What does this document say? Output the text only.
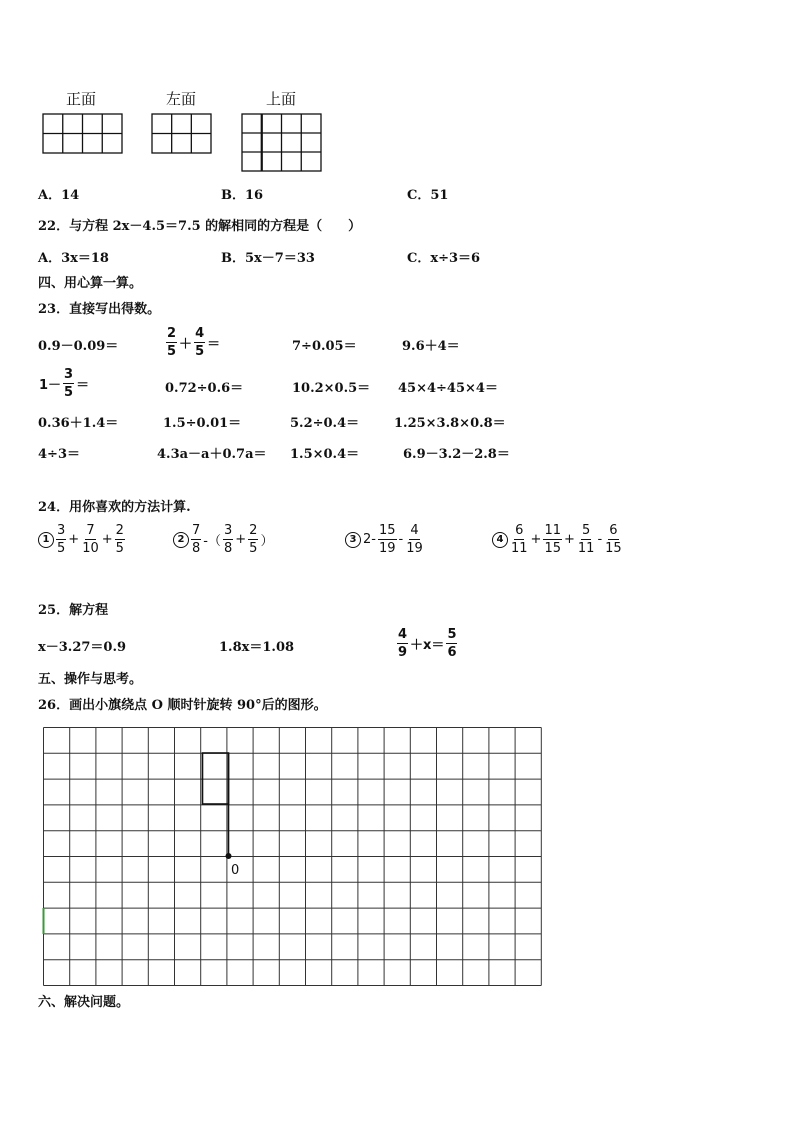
正面	左面	上面
A．14	B．16	C．51
22．与方程 2x－4.5＝7.5 的解相同的方程是（　　）
A．3x＝18	B．5x－7＝33	C．x÷3＝6
四、用心算一算。
23．直接写出得数。
0.9－0.09＝	$\frac{2}{5} + \frac{4}{5}$ ＝	7÷0.05＝	9.6＋4＝
$1- \frac{3}{5}$ ＝	0.72÷0.6＝	10.2×0.5＝ 45×4÷45×4＝
0.36＋1.4＝	1.5÷0.01＝	5.2÷0.4＝	1.25×3.8×0.8＝
4÷3＝	4.3a－a＋0.7a＝ 1.5×0.4＝	6.9－3.2－2.8＝
24．用你喜欢的方法计算.
$1 \frac{3}{5} + \frac{7}{10} + \frac{2}{5}$	$2 \frac{7}{8}$ -（ $\frac{3}{8} + \frac{2}{5}$ ）	3 $2- \frac{15}{19} - \frac{4}{19}$	$4 \frac{6}{11} + \frac{11}{15} + \frac{5}{11} - \frac{6}{15}$
25．解方程
x－3.27＝0.9	1.8x＝1.08	$\frac{4}{9} +x= \frac{5}{6}$
五、操作与思考。
26．画出小旗绕点 O 顺时针旋转 90°后的图形。
0
六、解决问题。
